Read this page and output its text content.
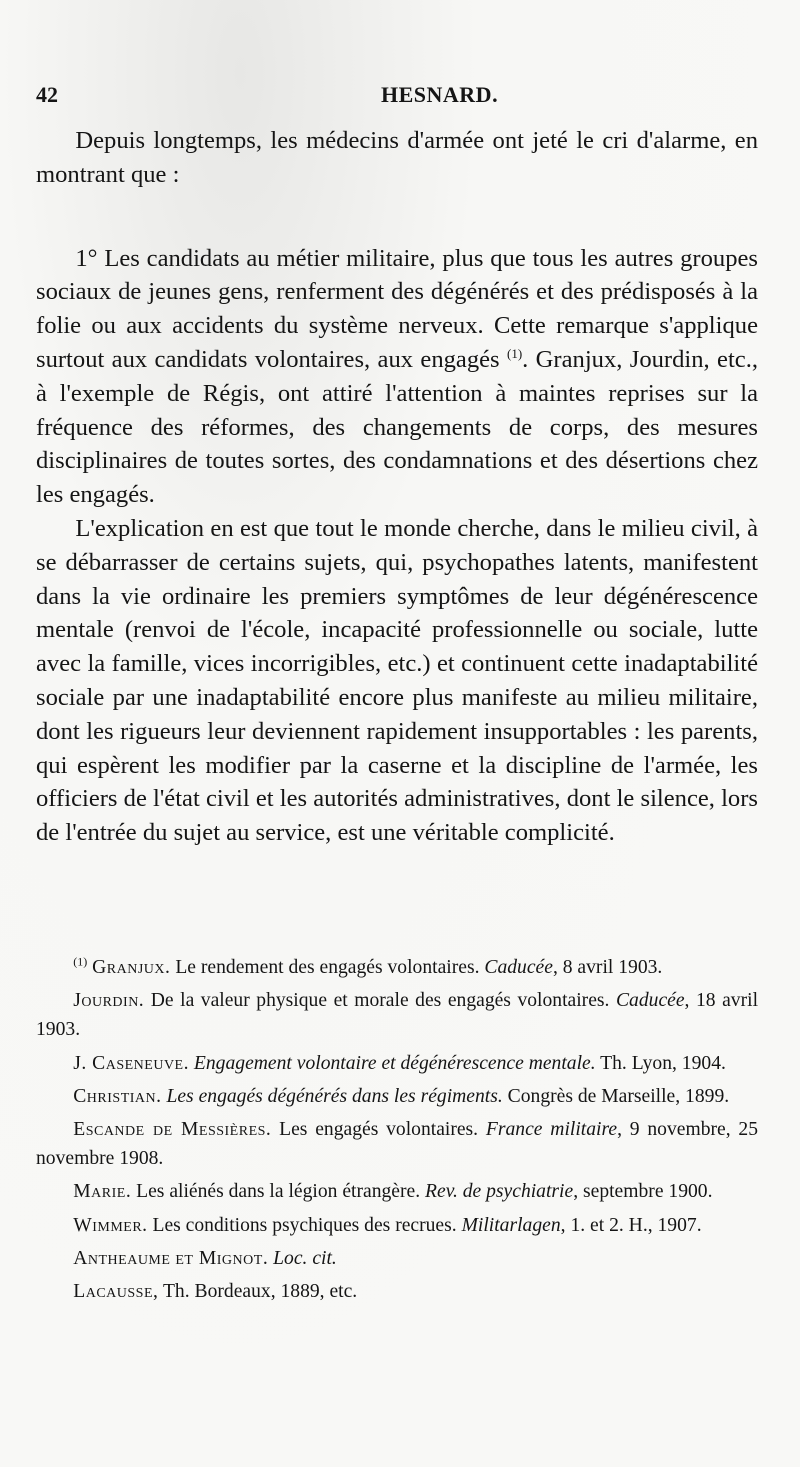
42	HESNARD.

Depuis longtemps, les médecins d'armée ont jeté le cri d'alarme, en montrant que :

1° Les candidats au métier militaire, plus que tous les autres groupes sociaux de jeunes gens, renferment des dégénérés et des prédisposés à la folie ou aux accidents du système nerveux. Cette remarque s'applique surtout aux candidats volontaires, aux engagés $^{(1)}$. Granjux, Jourdin, etc., à l'exemple de Régis, ont attiré l'attention à maintes reprises sur la fréquence des réformes, des changements de corps, des mesures disciplinaires de toutes sortes, des condamnations et des désertions chez les engagés.

L'explication en est que tout le monde cherche, dans le milieu civil, à se débarrasser de certains sujets, qui, psychopathes latents, manifestent dans la vie ordinaire les premiers symptômes de leur dégénérescence mentale (renvoi de l'école, incapacité professionnelle ou sociale, lutte avec la famille, vices incorrigibles, etc.) et continuent cette inadaptabilité sociale par une inadaptabilité encore plus manifeste au milieu militaire, dont les rigueurs leur deviennent rapidement insupportables : les parents, qui espèrent les modifier par la caserne et la discipline de l'armée, les officiers de l'état civil et les autorités administratives, dont le silence, lors de l'entrée du sujet au service, est une véritable complicité.

$^{(1)}$ Granjux. Le rendement des engagés volontaires. Caducée, 8 avril 1903.

Jourdin. De la valeur physique et morale des engagés volontaires. Caducée, 18 avril 1903.

J. Caseneuve. Engagement volontaire et dégénérescence mentale. Th. Lyon, 1904.

Christian. Les engagés dégénérés dans les régiments. Congrès de Marseille, 1899.

Escande de Messières. Les engagés volontaires. France militaire, 9 novembre, 25 novembre 1908.

Marie. Les aliénés dans la légion étrangère. Rev. de psychiatrie, septembre 1900.

Wimmer. Les conditions psychiques des recrues. Militarlagen, 1. et 2. H., 1907.

Antheaume et Mignot. Loc. cit.

Lacausse, Th. Bordeaux, 1889, etc.
